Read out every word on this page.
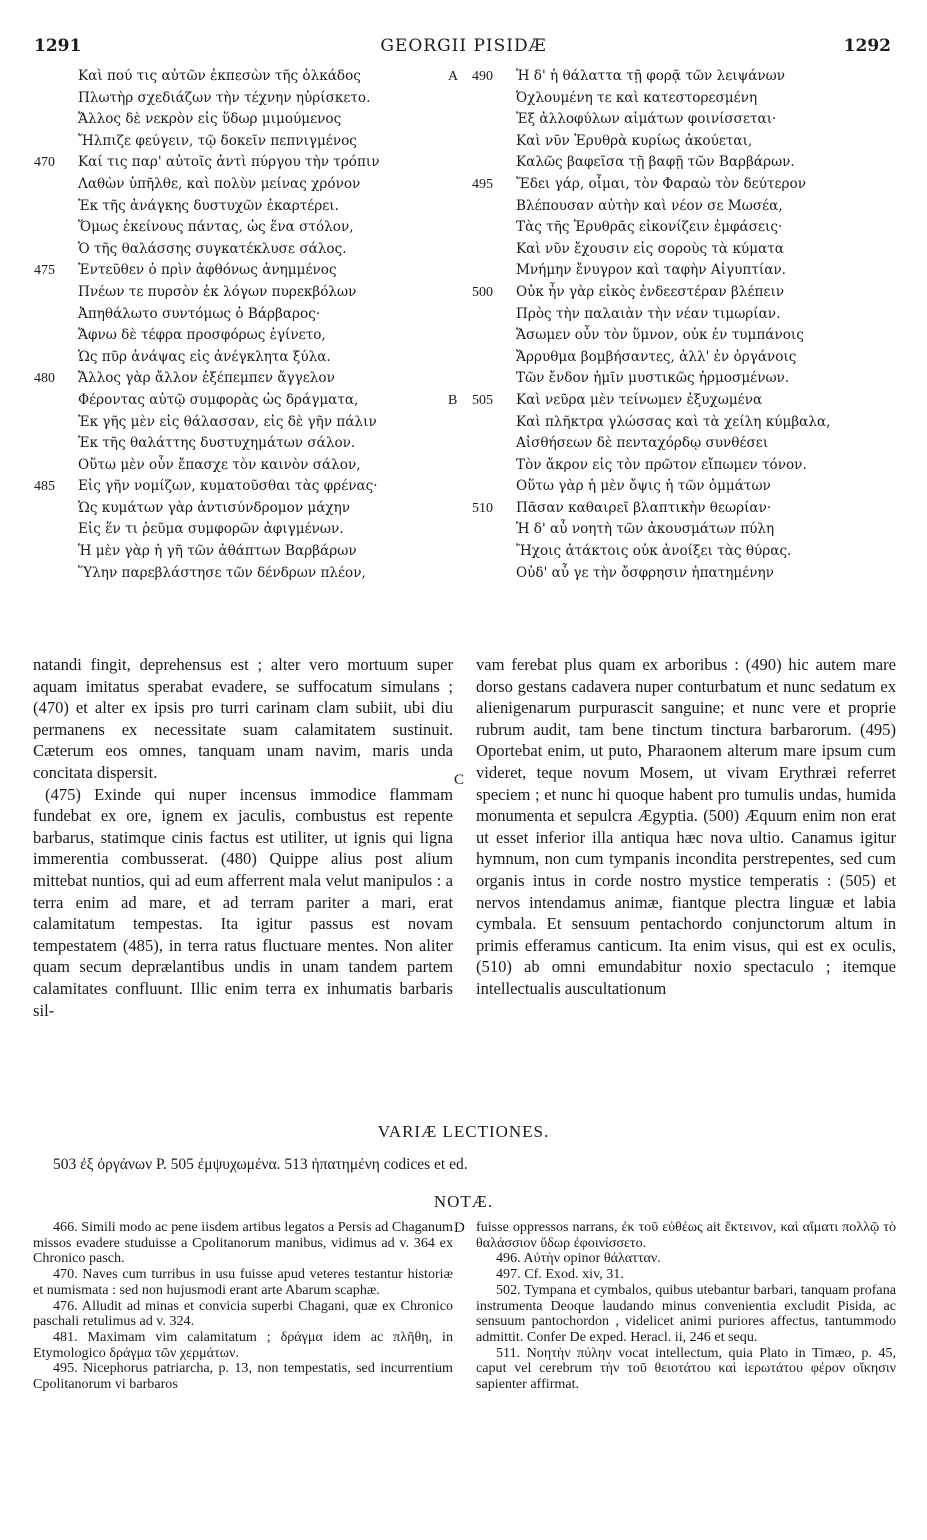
1291	GEORGII PISIDÆ	1292
Καὶ πού τις αὐτῶν ἐκπεσὼν τῆς ὁλκάδος
Πλωτὴρ σχεδιάζων τὴν τέχνην ηὑρίσκετο.
Ἄλλος δὲ νεκρὸν εἰς ὕδωρ μιμούμενος
Ἤλπιζε φεύγειν, τῷ δοκεῖν πεπνιγμένος
470	Καί τις παρ' αὐτοῖς ἀντὶ πύργου τὴν τρόπιν
Λαθὼν ὑπῆλθε, καὶ πολὺν μείνας χρόνον
Ἐκ τῆς ἀνάγκης δυστυχῶν ἐκαρτέρει.
Ὅμως ἐκείνους πάντας, ὡς ἕνα στόλον,
Ὁ τῆς θαλάσσης συγκατέκλυσε σάλος.
475	Ἐντεῦθεν ὁ πρὶν ἀφθόνως ἀνημμένος
Πνέων τε πυρσὸν ἐκ λόγων πυρεκβόλων
Ἀπηθάλωτο συντόμως ὁ Βάρβαρος·
Ἄφνω δὲ τέφρα προσφόρως ἐγίνετο,
Ὡς πῦρ ἀνάψας εἰς ἀνέγκλητα ξύλα.
480	Ἄλλος γὰρ ἄλλον ἐξέπεμπεν ἄγγελον
Φέροντας αὐτῷ συμφορὰς ὡς δράγματα,
Ἐκ γῆς μὲν εἰς θάλασσαν, εἰς δὲ γῆν πάλιν
Ἐκ τῆς θαλάττης δυστυχημάτων σάλον.
Οὕτω μὲν οὖν ἔπασχε τὸν καινὸν σάλον,
485	Εἰς γῆν νομίζων, κυματοῦσθαι τὰς φρένας·
Ὡς κυμάτων γὰρ ἀντισύνδρομον μάχην
Εἰς ἕν τι ῥεῦμα συμφορῶν ἀφιγμένων.
Ἡ μὲν γὰρ ἡ γῆ τῶν ἀθάπτων Βαρβάρων
Ὕλην παρεβλάστησε τῶν δένδρων πλέον,
A 490	Ἡ δ' ἡ θάλαττα τῇ φορᾷ τῶν λειψάνων
Ὀχλουμένη τε καὶ κατεστορεσμένη
Ἐξ ἀλλοφύλων αἱμάτων φοινίσσεται·
Καὶ νῦν Ἐρυθρὰ κυρίως ἀκούεται,
Καλῶς βαφεῖσα τῇ βαφῇ τῶν Βαρβάρων.
495	Ἔδει γάρ, οἶμαι, τὸν Φαραὼ τὸν δεύτερον
Βλέπουσαν αὐτὴν καὶ νέον σε Μωσέα,
Τὰς τῆς Ἐρυθρᾶς εἰκονίζειν ἐμφάσεις·
Καὶ νῦν ἔχουσιν εἰς σοροὺς τὰ κύματα
Μνήμην ἔνυγρον καὶ ταφὴν Αἰγυπτίαν.
500	Οὐκ ἦν γὰρ εἰκὸς ἐνδεεστέραν βλέπειν
Πρὸς τὴν παλαιὰν τὴν νέαν τιμωρίαν.
Ἄσωμεν οὖν τὸν ὕμνον, οὐκ ἐν τυμπάνοις
Ἄρρυθμα βομβήσαντες, ἀλλ' ἐν ὀργάνοις
Τῶν ἔνδον ἡμῖν μυστικῶς ἡρμοσμένων.
B	505	Καὶ νεῦρα μὲν τείνωμεν ἐξυχωμένα
Καὶ πλῆκτρα γλώσσας καὶ τὰ χείλη κύμβαλα,
Αἰσθήσεων δὲ πενταχόρδῳ συνθέσει
Τὸν ἄκρον εἰς τὸν πρῶτον εἴπωμεν τόνον.
Οὕτω γὰρ ἡ μὲν ὄψις ἡ τῶν ὀμμάτων
510	Πᾶσαν καθαιρεῖ βλαπτικὴν θεωρίαν·
Ἡ δ' αὖ νοητὴ τῶν ἀκουσμάτων πύλη
Ἤχοις ἀτάκτοις οὐκ ἀνοίξει τὰς θύρας.
Οὐδ' αὖ γε τὴν ὄσφρησιν ἠπατημένην

natandi fingit, deprehensus est ; alter vero mortuum super aquam imitatus sperabat evadere, se suffocatum simulans ; (470) et alter ex ipsis pro turri carinam clam subiit, ubi diu permanens ex necessitate suam calamitatem sustinuit. Cæterum eos omnes, tanquam unam navim, maris unda concitata dispersit.

(475) Exinde qui nuper incensus immodice flammam fundebat ex ore, ignem ex jaculis, combustus est repente barbarus, statimque cinis factus est utiliter, ut ignis qui ligna immerentia combusserat. (480) Quippe alius post alium mittebat nuntios, qui ad eum afferrent mala velut manipulos : a terra enim ad mare, et ad terram pariter a mari, erat calamitatum tempestas. Ita igitur passus est novam tempestatem (485), in terra ratus fluctuare mentes. Non aliter quam secum deprælantibus undis in unam tandem partem calamitates confluunt. Illic enim terra ex inhumatis barbaris sil-

vam ferebat plus quam ex arboribus : (490) hic autem mare dorso gestans cadavera nuper conturbatum et nunc sedatum ex alienigenarum purpurascit sanguine; et nunc vere et proprie rubrum audit, tam bene tinctum tinctura barbarorum. (495) Oportebat enim, ut puto, Pharaonem alterum mare ipsum cum videret, teque novum Mosem, ut vivam Erythræi referret speciem ; et nunc hi quoque habent pro tumulis undas, humida monumenta et sepulcra Ægyptia. (500) Æquum enim non erat ut esset inferior illa antiqua hæc nova ultio. Canamus igitur hymnum, non cum tympanis incondita perstrepentes, sed cum organis intus in corde nostro mystice temperatis : (505) et nervos intendamus animæ, fiantque plectra linguæ et labia cymbala. Et sensuum pentachordo conjunctorum altum in primis efferamus canticum. Ita enim visus, qui est ex oculis, (510) ab omni emundabitur noxio spectaculo ; itemque intellectualis auscultationum

C
VARIÆ LECTIONES.
503 ἐξ ὀργάνων P. 505 ἐμψυχωμένα. 513 ἠπατημένη codices et ed.
NOTÆ.

466. Simili modo ac pene iisdem artibus legatos a Persis ad Chaganum missos evadere studuisse a Cpolitanorum manibus, vidimus ad v. 364 ex Chronico pasch.

470. Naves cum turribus in usu fuisse apud veteres testantur historiæ et numismata : sed non hujusmodi erant arte Abarum scaphæ.

476. Alludit ad minas et convicia superbi Chagani, quæ ex Chronico paschali retulimus ad v. 324.

481. Maximam vim calamitatum ; δράγμα idem ac πλῆθη, in Etymologico δράγμα τῶν χερμάτων.

495. Nicephorus patriarcha, p. 13, non tempestatis, sed incurrentium Cpolitanorum vi barbaros

fuisse oppressos narrans, ἐκ τοῦ εὐθέως ait ἔκτεινον, καὶ αἵματι πολλῷ τὸ θαλάσσιον ὕδωρ ἐφοινίσσετο.

496. Αὐτὴν opinor θάλατταν.

497. Cf. Exod. xiv, 31.

502. Tympana et cymbalos, quibus utebantur barbari, tanquam profana instrumenta Deoque laudando minus convenientia excludit Pisida, ac sensuum pantochordon , videlicet animi puriores affectus, tantummodo admittit. Confer De exped. Heracl. ii, 246 et sequ.

511. Νοητὴν πύλην vocat intellectum, quia Plato in Timæo, p. 45, caput vel cerebrum τὴν τοῦ θειοτάτου καὶ ἱερωτάτου φέρον οἴκησιν sapienter affirmat.

D
